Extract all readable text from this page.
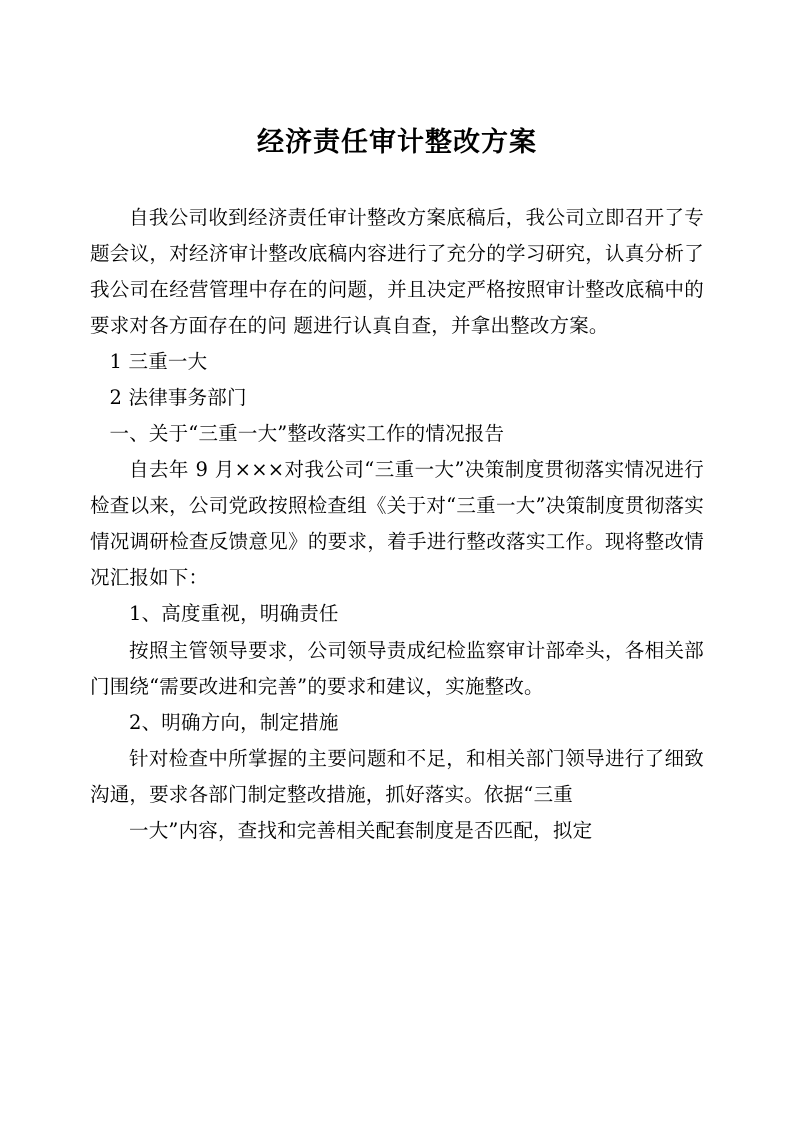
经济责任审计整改方案

自我公司收到经济责任审计整改方案底稿后，我公司立即召开了专题会议，对经济审计整改底稿内容进行了充分的学习研究，认真分析了我公司在经营管理中存在的问题，并且决定严格按照审计整改底稿中的要求对各方面存在的问 题进行认真自查，并拿出整改方案。

1 三重一大

2 法律事务部门

一、关于“三重一大”整改落实工作的情况报告

自去年 9 月×××对我公司“三重一大”决策制度贯彻落实情况进行检查以来，公司党政按照检查组《关于对“三重一大”决策制度贯彻落实情况调研检查反馈意见》的要求，着手进行整改落实工作。现将整改情况汇报如下：

1、高度重视，明确责任

按照主管领导要求，公司领导责成纪检监察审计部牵头，各相关部门围绕“需要改进和完善”的要求和建议，实施整改。

2、明确方向，制定措施

针对检查中所掌握的主要问题和不足，和相关部门领导进行了细致沟通，要求各部门制定整改措施，抓好落实。依据“三重

一大”内容，查找和完善相关配套制度是否匹配，拟定
